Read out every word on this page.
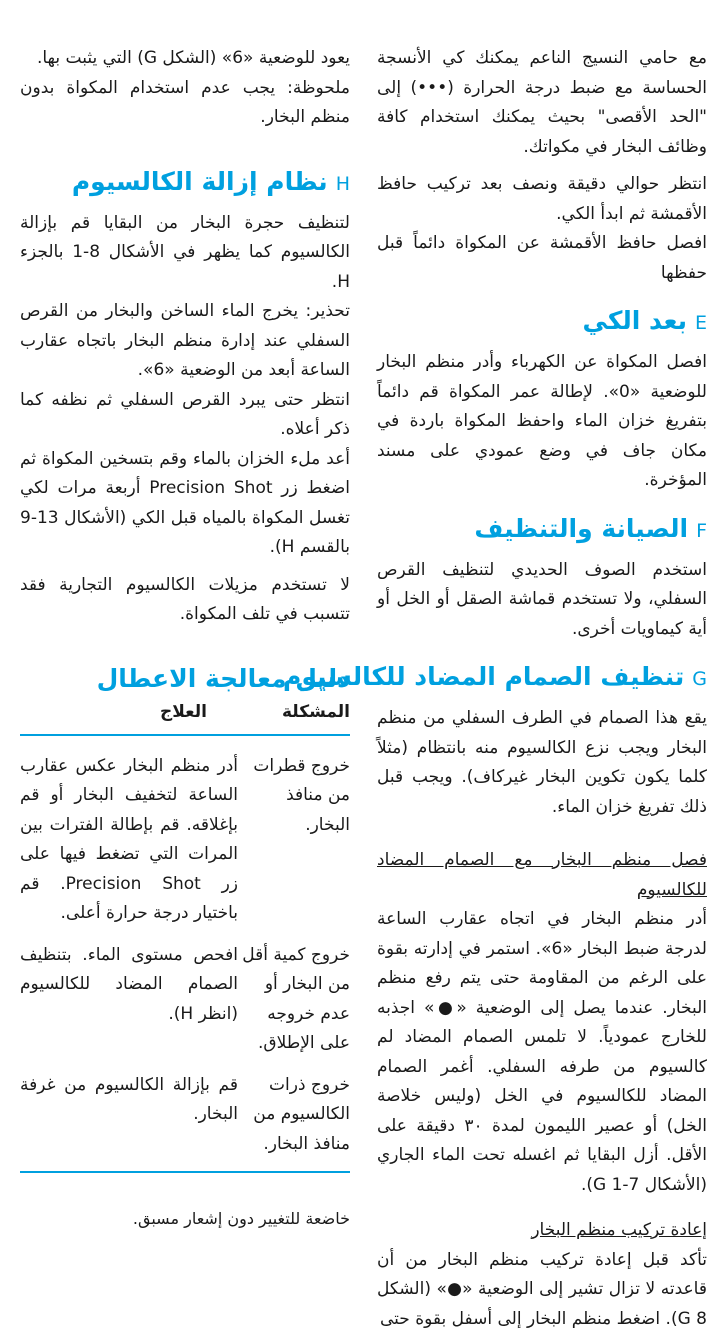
مع حامي النسيج الناعم يمكنك كي الأنسجة الحساسة مع ضبط درجة الحرارة (•••) إلى "الحد الأقصى" بحيث يمكنك استخدام كافة وظائف البخار في مكواتك.

انتظر حوالي دقيقة ونصف بعد تركيب حافظ الأقمشة ثم ابدأ الكي.

افصل حافظ الأقمشة عن المكواة دائماً قبل حفظها

Eبعد الكي

افصل المكواة عن الكهرباء وأدر منظم البخار للوضعية «0». لإطالة عمر المكواة قم دائماً بتفريغ خزان الماء واحفظ المكواة باردة في مكان جاف في وضع عمودي على مسند المؤخرة.

Fالصيانة والتنظيف

استخدم الصوف الحديدي لتنظيف القرص السفلي، ولا تستخدم قماشة الصقل أو الخل أو أية كيماويات أخرى.

Gتنظيف الصمام المضاد للكالسيوم

يقع هذا الصمام في الطرف السفلي من منظم البخار ويجب نزع الكالسيوم منه بانتظام (مثلاً كلما يكون تكوين البخار غيركاف). ويجب قبل ذلك تفريغ خزان الماء.

فصل منظم البخار مع الصمام المضاد للكالسيوم

أدر منظم البخار في اتجاه عقارب الساعة لدرجة ضبط البخار «6». استمر في إدارته بقوة على الرغم من المقاومة حتى يتم رفع منظم البخار. عندما يصل إلى الوضعية «●» اجذبه للخارج عمودياً. لا تلمس الصمام المضاد لم كالسيوم من طرفه السفلي. أغمر الصمام المضاد للكالسيوم في الخل (وليس خلاصة الخل) أو عصير الليمون لمدة ٣٠ دقيقة على الأقل. أزل البقايا ثم اغسله تحت الماء الجاري (الأشكال 7-1 G).

إعادة تركيب منظم البخار

تأكد قبل إعادة تركيب منظم البخار من أن قاعدته لا تزال تشير إلى الوضعية «●» (الشكل G 8). اضغط منظم البخار إلى أسفل بقوة حتى

يعود للوضعية «6» (الشكل G) التي يثبت بها.

ملحوظة: يجب عدم استخدام المكواة بدون منظم البخار.

Hنظام إزالة الكالسيوم

لتنظيف حجرة البخار من البقايا قم بإزالة الكالسيوم كما يظهر في الأشكال 8-1 بالجزء H.

تحذير: يخرج الماء الساخن والبخار من القرص السفلي عند إدارة منظم البخار باتجاه عقارب الساعة أبعد من الوضعية «6».

انتظر حتى يبرد القرص السفلي ثم نظفه كما ذكر أعلاه.

أعد ملء الخزان بالماء وقم بتسخين المكواة ثم اضغط زر Precision Shot أربعة مرات لكي تغسل المكواة بالمياه قبل الكي (الأشكال 13-9 بالقسم H).

لا تستخدم مزيلات الكالسيوم التجارية فقد تتسبب في تلف المكواة.

دليل معالجة الاعطال
المشكلة
العلاج
خروج قطرات من منافذ البخار.
أدر منظم البخار عكس عقارب الساعة لتخفيف البخار أو قم بإغلاقه. قم بإطالة الفترات بين المرات التي تضغط فيها على زر Precision Shot. قم باختيار درجة حرارة أعلى.
خروج كمية أقل من البخار أو عدم خروجه على الإطلاق.
افحص مستوى الماء. بتنظيف الصمام المضاد للكالسيوم (انظر H).
خروج ذرات الكالسيوم من منافذ البخار.
قم بإزالة الكالسيوم من غرفة البخار.

خاضعة للتغيير دون إشعار مسبق.
